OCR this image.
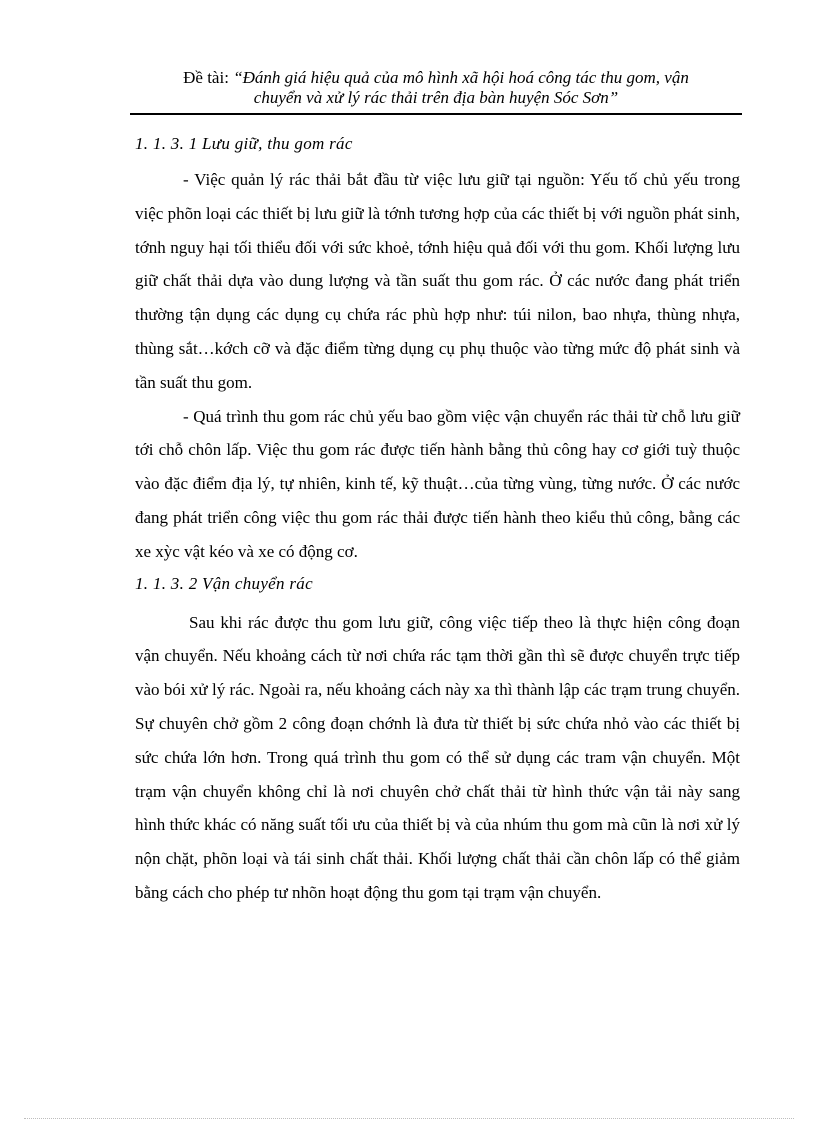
Đề tài: “Đánh giá hiệu quả của mô hình xã hội hoá công tác thu gom, vận
chuyển và xử lý rác thải trên địa bàn huyện Sóc Sơn”

1. 1. 3. 1 Lưu giữ, thu gom rác

- Việc quản lý rác thải bắt đầu từ việc lưu giữ tại nguồn: Yếu tố chủ yếu trong việc phõn loại các thiết bị lưu giữ là tớnh tương hợp của các thiết bị với nguồn phát sinh, tớnh nguy hại tối thiểu đối với sức khoẻ, tớnh hiệu quả đối với thu gom. Khối lượng lưu giữ chất thải dựa vào dung lượng và tần suất thu gom rác. Ở các nước đang phát triển thường tận dụng các dụng cụ chứa rác phù hợp như: túi nilon, bao nhựa, thùng nhựa, thùng sắt…kớch cỡ và đặc điểm từng dụng cụ phụ thuộc vào từng mức độ phát sinh và tần suất thu gom.

- Quá trình thu gom rác chủ yếu bao gồm việc vận chuyển rác thải từ chỗ lưu giữ tới chỗ chôn lấp. Việc thu gom rác được tiến hành bằng thủ công hay cơ giới tuỳ thuộc vào đặc điểm địa lý, tự nhiên, kinh tế, kỹ thuật…của từng vùng, từng nước. Ở các nước đang phát triển công việc thu gom rác thải được tiến hành theo kiểu thủ công, bằng các xe xỳc vật kéo và xe có động cơ.

1. 1. 3. 2 Vận chuyển rác

Sau khi rác được thu gom lưu giữ, công việc tiếp theo là thực hiện công đoạn vận chuyển. Nếu khoảng cách từ nơi chứa rác tạm thời gần thì sẽ được chuyển trực tiếp vào bói xử lý rác. Ngoài ra, nếu khoảng cách này xa thì thành lập các trạm trung chuyển. Sự chuyên chở gồm 2 công đoạn chớnh là đưa từ thiết bị sức chứa nhỏ vào các thiết bị sức chứa lớn hơn. Trong quá trình thu gom có thể sử dụng các tram vận chuyển. Một trạm vận chuyển không chỉ là nơi chuyên chở chất thải từ hình thức vận tải này sang hình thức khác có năng suất tối ưu của thiết bị và của nhúm thu gom mà cũn là nơi xử lý nộn chặt, phõn loại và tái sinh chất thải. Khối lượng chất thải cần chôn lấp có thể giảm bằng cách cho phép tư nhõn hoạt động thu gom tại trạm vận chuyển.
